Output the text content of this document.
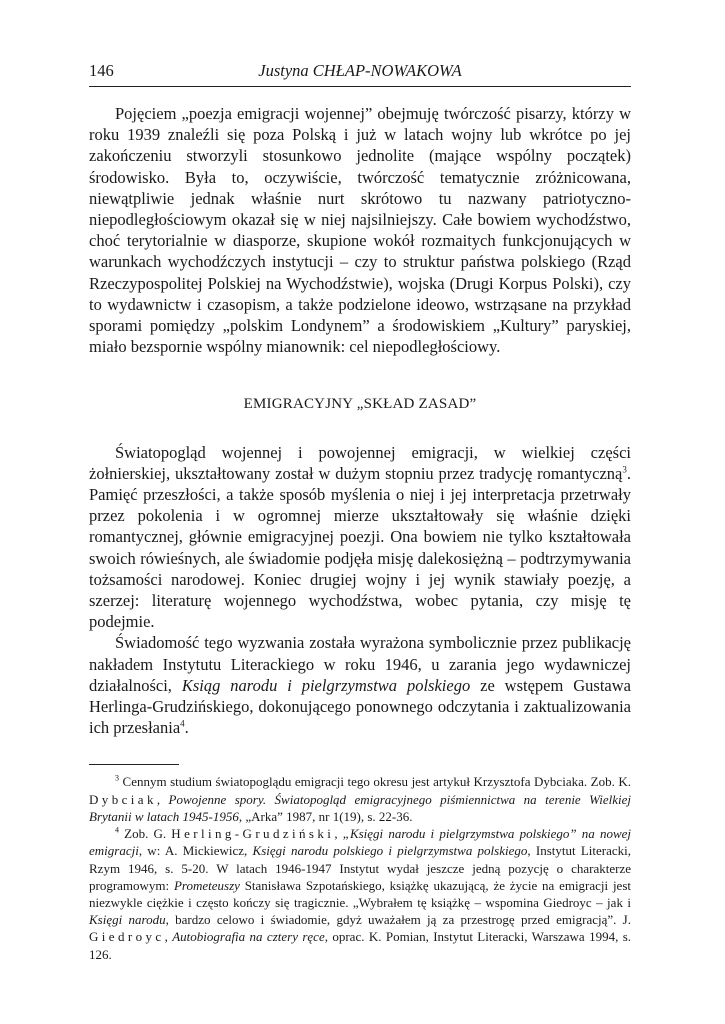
146	Justyna CHŁAP-NOWAKOWA

Pojęciem „poezja emigracji wojennej” obejmuję twórczość pisarzy, którzy w roku 1939 znaleźli się poza Polską i już w latach wojny lub wkrótce po jej zakończeniu stworzyli stosunkowo jednolite (mające wspólny początek) środowisko. Była to, oczywiście, twórczość tematycznie zróżnicowana, niewątpliwie jednak właśnie nurt skrótowo tu nazwany patriotyczno-niepodległościowym okazał się w niej najsilniejszy. Całe bowiem wychodźstwo, choć terytorialnie w diasporze, skupione wokół rozmaitych funkcjonujących w warunkach wychodźczych instytucji – czy to struktur państwa polskiego (Rząd Rzeczypospolitej Polskiej na Wychodźstwie), wojska (Drugi Korpus Polski), czy to wydawnictw i czasopism, a także podzielone ideowo, wstrząsane na przykład sporami pomiędzy „polskim Londynem” a środowiskiem „Kultury” paryskiej, miało bezspornie wspólny mianownik: cel niepodległościowy.

EMIGRACYJNY „SKŁAD ZASAD”

Światopogląd wojennej i powojennej emigracji, w wielkiej części żołnierskiej, ukształtowany został w dużym stopniu przez tradycję romantyczną$^3$. Pamięć przeszłości, a także sposób myślenia o niej i jej interpretacja przetrwały przez pokolenia i w ogromnej mierze ukształtowały się właśnie dzięki romantycznej, głównie emigracyjnej poezji. Ona bowiem nie tylko kształtowała swoich rówieśnych, ale świadomie podjęła misję dalekosiężną – podtrzymywania tożsamości narodowej. Koniec drugiej wojny i jej wynik stawiały poezję, a szerzej: literaturę wojennego wychodźstwa, wobec pytania, czy misję tę podejmie.

Świadomość tego wyzwania została wyrażona symbolicznie przez publikację nakładem Instytutu Literackiego w roku 1946, u zarania jego wydawniczej działalności, Ksiąg narodu i pielgrzymstwa polskiego ze wstępem Gustawa Herlinga-Grudzińskiego, dokonującego ponownego odczytania i zaktualizowania ich przesłania$^4$.

$^3$ Cennym studium światopoglądu emigracji tego okresu jest artykuł Krzysztofa Dybciaka. Zob. K. Dybciak, Powojenne spory. Światopogląd emigracyjnego piśmiennictwa na terenie Wielkiej Brytanii w latach 1945-1956, „Arka” 1987, nr 1(19), s. 22-36.

$^4$ Zob. G. Herling-Grudziński, „Księgi narodu i pielgrzymstwa polskiego” na nowej emigracji, w: A. Mickiewicz, Księgi narodu polskiego i pielgrzymstwa polskiego, Instytut Literacki, Rzym 1946, s. 5-20. W latach 1946-1947 Instytut wydał jeszcze jedną pozycję o charakterze programowym: Prometeuszy Stanisława Szpotańskiego, książkę ukazującą, że życie na emigracji jest niezwykle ciężkie i często kończy się tragicznie. „Wybrałem tę książkę – wspomina Giedroyc – jak i Księgi narodu, bardzo celowo i świadomie, gdyż uważałem ją za przestrogę przed emigracją”. J. Giedroyc, Autobiografia na cztery ręce, oprac. K. Pomian, Instytut Literacki, Warszawa 1994, s. 126.
